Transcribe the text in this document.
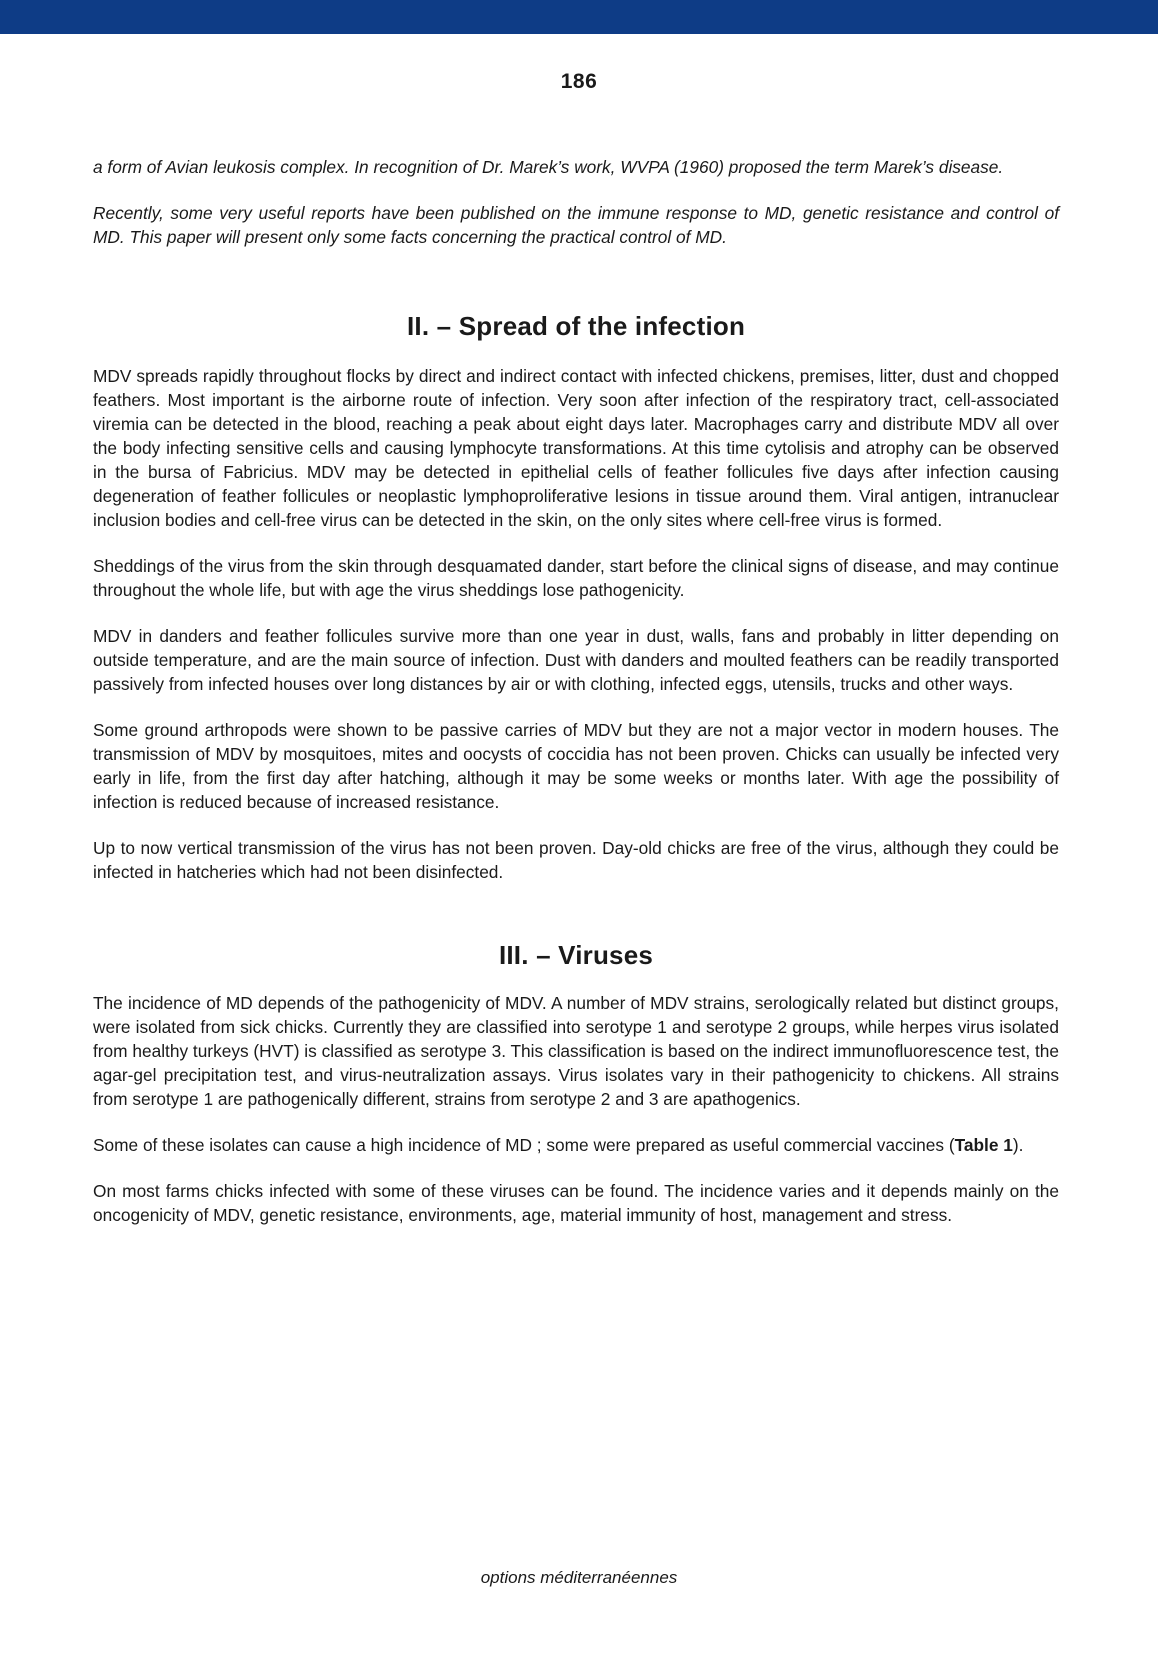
186

a form of Avian leukosis complex. In recognition of Dr. Marek’s work, WVPA (1960) proposed the term Marek’s disease.

Recently, some very useful reports have been published on the immune response to MD, genetic resistance and control of MD. This paper will present only some facts concerning the practical control of MD.

II. – Spread of the infection

MDV spreads rapidly throughout flocks by direct and indirect contact with infected chickens, premises, litter, dust and chopped feathers. Most important is the airborne route of infection. Very soon after infection of the respiratory tract, cell-associated viremia can be detected in the blood, reaching a peak about eight days later. Macrophages carry and distribute MDV all over the body infecting sensitive cells and causing lymphocyte transformations. At this time cytolisis and atrophy can be observed in the bursa of Fabricius. MDV may be detected in epithelial cells of feather follicules five days after infection causing degeneration of feather follicules or neoplastic lymphoproliferative lesions in tissue around them. Viral antigen, intranuclear inclusion bodies and cell-free virus can be detected in the skin, on the only sites where cell-free virus is formed.

Sheddings of the virus from the skin through desquamated dander, start before the clinical signs of disease, and may continue throughout the whole life, but with age the virus sheddings lose pathogenicity.

MDV in danders and feather follicules survive more than one year in dust, walls, fans and probably in litter depending on outside temperature, and are the main source of infection. Dust with danders and moulted feathers can be readily transported passively from infected houses over long distances by air or with clothing, infected eggs, utensils, trucks and other ways.

Some ground arthropods were shown to be passive carries of MDV but they are not a major vector in modern houses. The transmission of MDV by mosquitoes, mites and oocysts of coccidia has not been proven. Chicks can usually be infected very early in life, from the first day after hatching, although it may be some weeks or months later. With age the possibility of infection is reduced because of increased resistance.

Up to now vertical transmission of the virus has not been proven. Day-old chicks are free of the virus, although they could be infected in hatcheries which had not been disinfected.

III. – Viruses

The incidence of MD depends of the pathogenicity of MDV. A number of MDV strains, serologically related but distinct groups, were isolated from sick chicks. Currently they are classified into serotype 1 and serotype 2 groups, while herpes virus isolated from healthy turkeys (HVT) is classified as serotype 3. This classification is based on the indirect immunofluorescence test, the agar-gel precipitation test, and virus-neutralization assays. Virus isolates vary in their pathogenicity to chickens. All strains from serotype 1 are pathogenically different, strains from serotype 2 and 3 are apathogenics.

Some of these isolates can cause a high incidence of MD ; some were prepared as useful commercial vaccines (Table 1).

On most farms chicks infected with some of these viruses can be found. The incidence varies and it depends mainly on the oncogenicity of MDV, genetic resistance, environments, age, material immunity of host, management and stress.

options méditerranéennes
